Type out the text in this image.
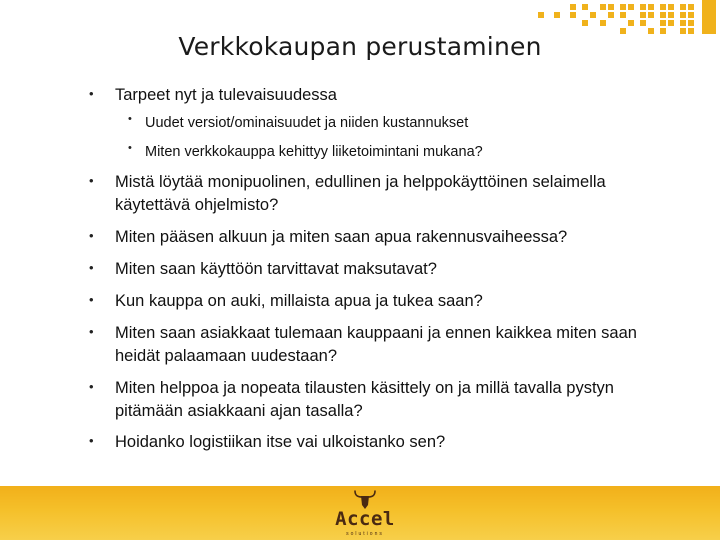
Verkkokaupan perustaminen
• Tarpeet nyt ja tulevaisuudessa
• Uudet versiot/ominaisuudet ja niiden kustannukset
• Miten verkkokauppa kehittyy liiketoimintani mukana?
• Mistä löytää monipuolinen, edullinen ja helppokäyttöinen selaimella käytettävä ohjelmisto?
• Miten pääsen alkuun ja miten saan apua rakennusvaiheessa?
• Miten saan käyttöön tarvittavat maksutavat?
• Kun kauppa on auki, millaista apua ja tukea saan?
• Miten saan asiakkaat tulemaan kauppaani ja ennen kaikkea miten saan heidät palaamaan uudestaan?
• Miten helppoa ja nopeata tilausten käsittely on ja millä tavalla pystyn pitämään asiakkaani ajan tasalla?
• Hoidanko logistiikan itse vai ulkoistanko sen?
Accel
solutions
